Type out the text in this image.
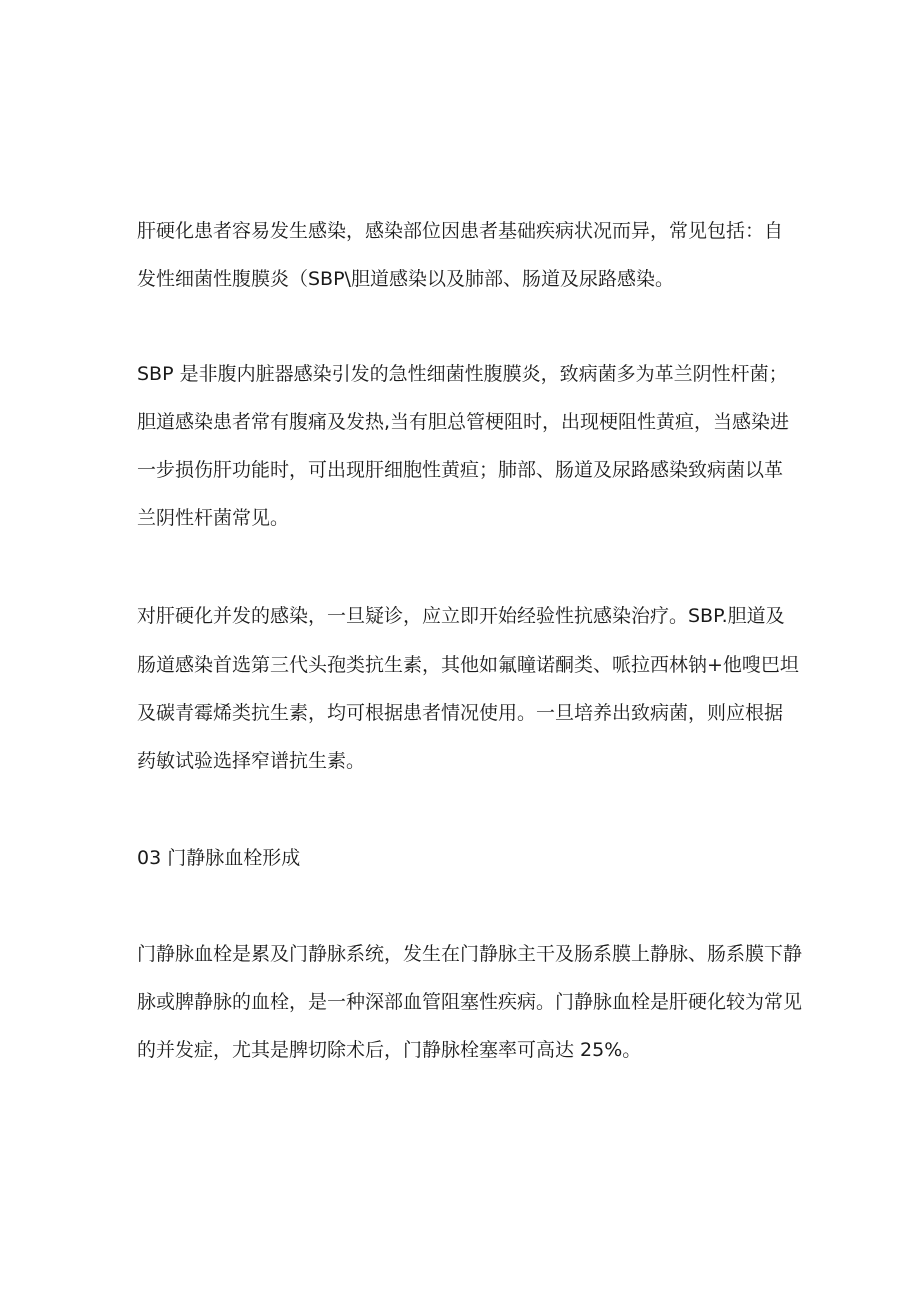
肝硬化患者容易发生感染，感染部位因患者基础疾病状况而异，常见包括：自
发性细菌性腹膜炎（SBP\胆道感染以及肺部、肠道及尿路感染。
SBP 是非腹内脏器感染引发的急性细菌性腹膜炎，致病菌多为革兰阴性杆菌；
胆道感染患者常有腹痛及发热,当有胆总管梗阻时，出现梗阻性黄疸，当感染进
一步损伤肝功能时，可出现肝细胞性黄疸；肺部、肠道及尿路感染致病菌以革
兰阴性杆菌常见。
对肝硬化并发的感染，一旦疑诊，应立即开始经验性抗感染治疗。SBP.胆道及
肠道感染首选第三代头孢类抗生素，其他如氟瞳诺酮类、哌拉西林钠+他嗖巴坦
及碳青霉烯类抗生素，均可根据患者情况使用。一旦培养出致病菌，则应根据
药敏试验选择窄谱抗生素。
03 门静脉血栓形成
门静脉血栓是累及门静脉系统，发生在门静脉主干及肠系膜上静脉、肠系膜下静
脉或脾静脉的血栓，是一种深部血管阻塞性疾病。门静脉血栓是肝硬化较为常见
的并发症，尤其是脾切除术后，门静脉栓塞率可高达 25%。
